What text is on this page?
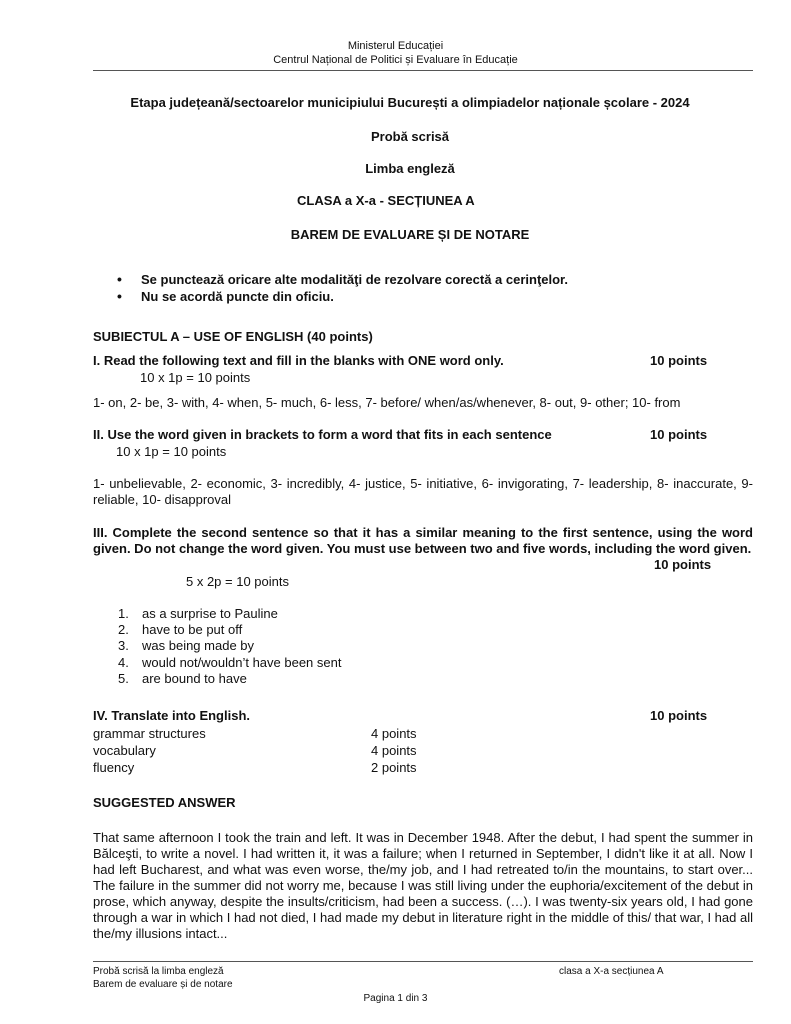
Ministerul Educației
Centrul Național de Politici și Evaluare în Educație
Etapa județeană/sectoarelor municipiului București a olimpiadelor naționale școlare - 2024
Probă scrisă
Limba engleză
CLASA a X-a - SECȚIUNEA A
BAREM DE EVALUARE ȘI DE NOTARE
• Se punctează oricare alte modalităţi de rezolvare corectă a cerinţelor.
• Nu se acordă puncte din oficiu.
SUBIECTUL A – USE OF ENGLISH (40 points)
I. Read the following text and fill in the blanks with ONE word only.	10 points
10 x 1p = 10 points
1- on, 2- be, 3- with, 4- when, 5- much, 6- less, 7- before/ when/as/whenever, 8- out, 9- other; 10- from
II. Use the word given in brackets to form a word that fits in each sentence	10 points
10 x 1p = 10 points
1- unbelievable, 2- economic, 3- incredibly, 4- justice, 5- initiative, 6- invigorating, 7- leadership, 8- inaccurate, 9- reliable, 10- disapproval
III. Complete the second sentence so that it has a similar meaning to the first sentence, using the word given. Do not change the word given. You must use between two and five words, including the word given.
10 points
5 x 2p = 10 points
1. as a surprise to Pauline
2. have to be put off
3. was being made by
4. would not/wouldn’t have been sent
5. are bound to have
IV. Translate into English.	10 points
grammar structures	4 points
vocabulary	4 points
fluency	2 points
SUGGESTED ANSWER
That same afternoon I took the train and left. It was in December 1948. After the debut, I had spent the summer in Bălceşti, to write a novel. I had written it, it was a failure; when I returned in September, I didn't like it at all. Now I had left Bucharest, and what was even worse, the/my job, and I had retreated to/in the mountains, to start over... The failure in the summer did not worry me, because I was still living under the euphoria/excitement of the debut in prose, which anyway, despite the insults/criticism, had been a success. (…). I was twenty-six years old, I had gone through a war in which I had not died, I had made my debut in literature right in the middle of this/ that war, I had all the/my illusions intact...
Probă scrisă la limba engleză
Barem de evaluare și de notare
clasa a X-a secțiunea A
Pagina 1 din 3
